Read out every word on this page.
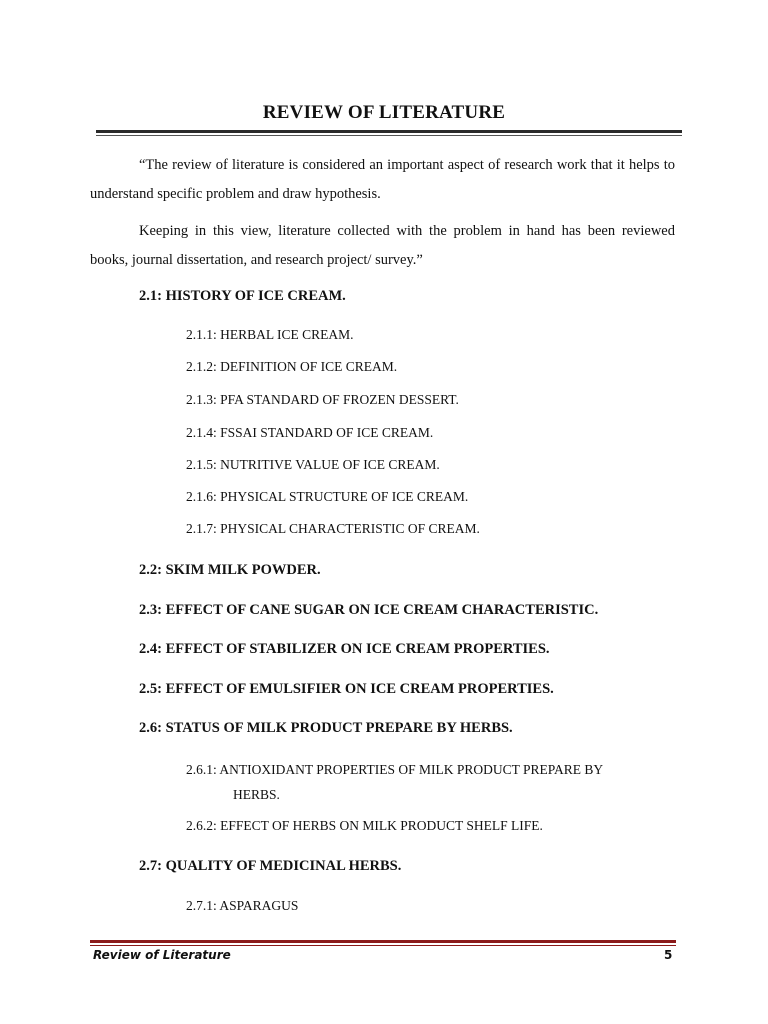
REVIEW OF LITERATURE
“The review of literature is considered an important aspect of research work that it helps to understand specific problem and draw hypothesis.
Keeping in this view, literature collected with the problem in hand has been reviewed books, journal dissertation, and research project/ survey.”
2.1: HISTORY OF ICE CREAM.
2.1.1: HERBAL ICE CREAM.
2.1.2: DEFINITION OF ICE CREAM.
2.1.3: PFA STANDARD OF FROZEN DESSERT.
2.1.4: FSSAI STANDARD OF ICE CREAM.
2.1.5: NUTRITIVE VALUE OF ICE CREAM.
2.1.6: PHYSICAL STRUCTURE OF ICE CREAM.
2.1.7: PHYSICAL CHARACTERISTIC OF CREAM.
2.2: SKIM MILK POWDER.
2.3: EFFECT OF CANE SUGAR ON ICE CREAM CHARACTERISTIC.
2.4: EFFECT OF STABILIZER ON ICE CREAM PROPERTIES.
2.5: EFFECT OF EMULSIFIER ON ICE CREAM PROPERTIES.
2.6: STATUS OF MILK PRODUCT PREPARE BY HERBS.
2.6.1: ANTIOXIDANT PROPERTIES OF MILK PRODUCT PREPARE BY
HERBS.
2.6.2: EFFECT OF HERBS ON MILK PRODUCT SHELF LIFE.
2.7: QUALITY OF MEDICINAL HERBS.
2.7.1: ASPARAGUS
Review of Literature	5
